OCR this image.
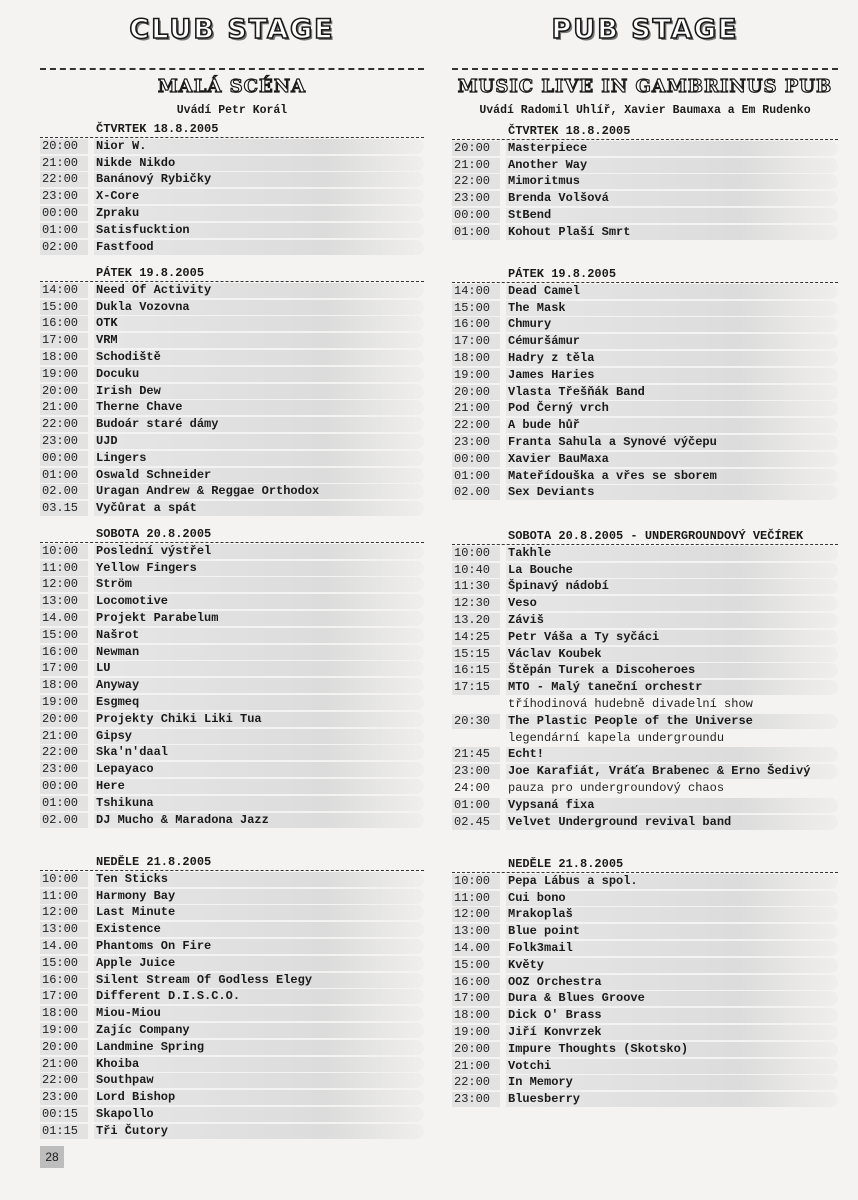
CLUB STAGE
MALÁ SCÉNA
Uvádí Petr Korál
ČTVRTEK 18.8.2005
20:00	Nior W.
21:00	Nikde Nikdo
22:00	Banánový Rybičky
23:00	X-Core
00:00	Zpraku
01:00	Satisfucktion
02:00	Fastfood
PÁTEK 19.8.2005
14:00	Need Of Activity
15:00	Dukla Vozovna
16:00	OTK
17:00	VRM
18:00	Schodiště
19:00	Docuku
20:00	Irish Dew
21:00	Therne Chave
22:00	Budoár staré dámy
23:00	UJD
00:00	Lingers
01:00	Oswald Schneider
02.00	Uragan Andrew & Reggae Orthodox
03.15	Vyčůrat a spát
SOBOTA 20.8.2005
10:00	Poslední výstřel
11:00	Yellow Fingers
12:00	Ström
13:00	Locomotive
14.00	Projekt Parabelum
15:00	Našrot
16:00	Newman
17:00	LU
18:00	Anyway
19:00	Esgmeq
20:00	Projekty Chiki Liki Tua
21:00	Gipsy
22:00	Ska'n'daal
23:00	Lepayaco
00:00	Here
01:00	Tshikuna
02.00	DJ Mucho & Maradona Jazz
NEDĚLE 21.8.2005
10:00	Ten Sticks
11:00	Harmony Bay
12:00	Last Minute
13:00	Existence
14.00	Phantoms On Fire
15:00	Apple Juice
16:00	Silent Stream Of Godless Elegy
17:00	Different D.I.S.C.O.
18:00	Miou-Miou
19:00	Zajíc Company
20:00	Landmine Spring
21:00	Khoiba
22:00	Southpaw
23:00	Lord Bishop
00:15	Skapollo
01:15	Tři Čutory
PUB STAGE
MUSIC LIVE IN GAMBRINUS PUB
Uvádí Radomil Uhlíř, Xavier Baumaxa a Em Rudenko
ČTVRTEK 18.8.2005
20:00	Masterpiece
21:00	Another Way
22:00	Mimoritmus
23:00	Brenda Volšová
00:00	StBend
01:00	Kohout Plaší Smrt
PÁTEK 19.8.2005
14:00	Dead Camel
15:00	The Mask
16:00	Chmury
17:00	Cémuršámur
18:00	Hadry z těla
19:00	James Haries
20:00	Vlasta Třešňák Band
21:00	Pod Černý vrch
22:00	A bude hůř
23:00	Franta Sahula a Synové výčepu
00:00	Xavier BauMaxa
01:00	Mateřídouška a vřes se sborem
02.00	Sex Deviants
SOBOTA 20.8.2005 - UNDERGROUNDOVÝ VEČÍREK
10:00	Takhle
10:40	La Bouche
11:30	Špinavý nádobí
12:30	Veso
13.20	Záviš
14:25	Petr Váša a Ty syčáci
15:15	Václav Koubek
16:15	Štěpán Turek a Discoheroes
17:15	MTO - Malý taneční orchestr
tříhodinová hudebně divadelní show
20:30	The Plastic People of the Universe
legendární kapela undergroundu
21:45	Echt!
23:00	Joe Karafiát, Vráťa Brabenec & Erno Šedivý
24:00	pauza pro undergroundový chaos
01:00	Vypsaná fixa
02.45	Velvet Underground revival band
NEDĚLE 21.8.2005
10:00	Pepa Lábus a spol.
11:00	Cui bono
12:00	Mrakoplaš
13:00	Blue point
14.00	Folk3mail
15:00	Květy
16:00	OOZ Orchestra
17:00	Dura & Blues Groove
18:00	Dick O' Brass
19:00	Jiří Konvrzek
20:00	Impure Thoughts (Skotsko)
21:00	Votchi
22:00	In Memory
23:00	Bluesberry
28
